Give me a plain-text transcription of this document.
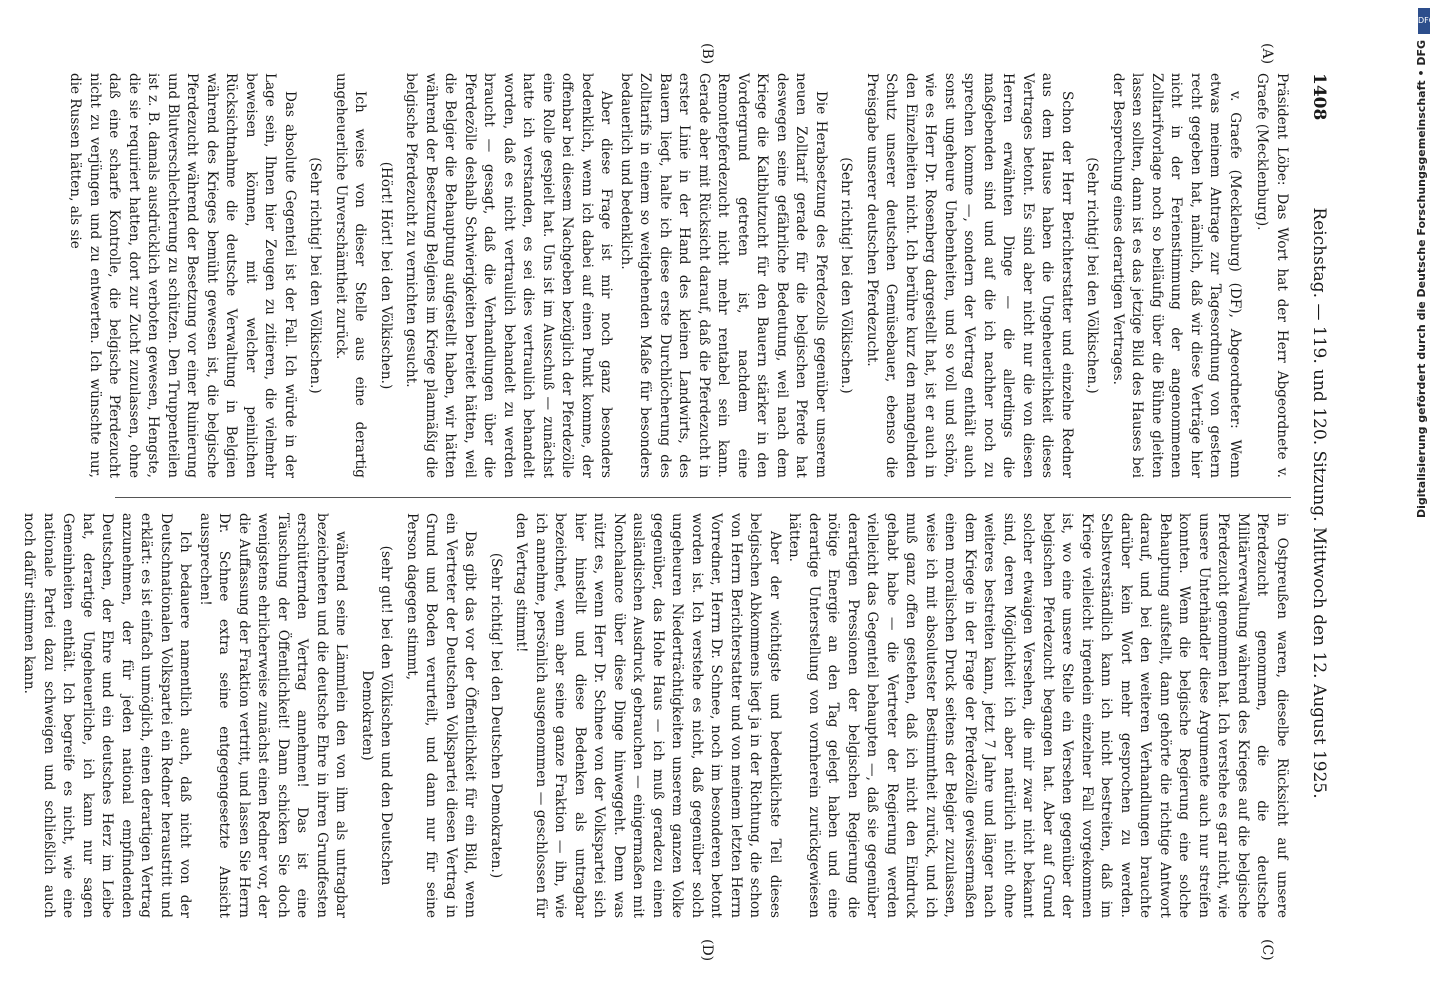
1408
Reichstag. — 119. und 120. Sitzung. Mittwoch den 12. August 1925.

Präsident Löbe: Das Wort hat der Herr Abgeordnete v. Graefe (Mecklenburg).

v. Graefe (Mecklenburg) (DF), Abgeordneter: Wenn etwas meinem Antrage zur Tagesordnung von gestern recht gegeben hat, nämlich, daß wir diese Verträge hier nicht in der Ferienstimmung der angenommenen Zolltarifvorlage noch so beiläufig über die Bühne gleiten lassen sollten, dann ist es das jetzige Bild des Hauses bei der Besprechung eines derartigen Vertrages.

(Sehr richtig! bei den Völkischen.)

Schon der Herr Berichterstatter und einzelne Redner aus dem Hause haben die Ungeheuerlichkeit dieses Vertrages betont. Es sind aber nicht nur die von diesen Herren erwähnten Dinge — die allerdings die maßgebenden sind und auf die ich nachher noch zu sprechen komme —, sondern der Vertrag enthält auch sonst ungeheure Unebenheiten, und so voll und schön, wie es Herr Dr. Rosenberg dargestellt hat, ist er auch in den Einzelheiten nicht. Ich berühre kurz den mangelnden Schutz unserer deutschen Gemüsebauer, ebenso die Preisgabe unserer deutschen Pferdezucht.

(Sehr richtig! bei den Völkischen.)

Die Herabsetzung des Pferdezolls gegenüber unserem neuen Zolltarif gerade für die belgischen Pferde hat deswegen seine gefährliche Bedeutung, weil nach dem Kriege die Kaltblutzucht für den Bauern stärker in den Vordergrund getreten ist, nachdem eine Remontepferdezucht nicht mehr rentabel sein kann. Gerade aber mit Rücksicht darauf, daß die Pferdezucht in erster Linie in der Hand des kleinen Landwirts, des Bauern liegt, halte ich diese erste Durchlöcherung des Zolltarifs in einem so weitgehenden Maße für besonders bedauerlich und bedenklich.

Aber diese Frage ist mir noch ganz besonders bedenklich, wenn ich dabei auf einen Punkt komme, der offenbar bei diesem Nachgeben bezüglich der Pferdezölle eine Rolle gespielt hat. Uns ist im Ausschuß — zunächst hatte ich verstanden, es sei dies vertraulich behandelt worden, daß es nicht vertraulich behandelt zu werden braucht — gesagt, daß die Verhandlungen über die Pferdezölle deshalb Schwierigkeiten bereitet hätten, weil die Belgier die Behauptung aufgestellt haben, wir hätten während der Besetzung Belgiens im Kriege planmäßig die belgische Pferdezucht zu vernichten gesucht.

(Hört! Hört! bei den Völkischen.)

Ich weise von dieser Stelle aus eine derartig ungeheuerliche Unverschämtheit zurück.

(Sehr richtig! bei den Völkischen.)

Das absolute Gegenteil ist der Fall. Ich würde in der Lage sein, Ihnen hier Zeugen zu zitieren, die vielmehr beweisen können, mit welcher peinlichen Rücksichtnahme die deutsche Verwaltung in Belgien während des Krieges bemüht gewesen ist, die belgische Pferdezucht während der Besetzung vor einer Ruinierung und Blutverschlechterung zu schützen. Den Truppenteilen ist z. B. damals ausdrücklich verboten gewesen, Hengste, die sie requiriert hatten, dort zur Zucht zuzulassen, ohne daß eine scharfe Kontrolle, die belgische Pferdezucht nicht zu verjüngen und zu entwerten. Ich wünschte nur, die Russen hätten, als sie

in Ostpreußen waren, dieselbe Rücksicht auf unsere Pferdezucht genommen, die die deutsche Militärverwaltung während des Krieges auf die belgische Pferdezucht genommen hat. Ich verstehe es gar nicht, wie unsere Unterhändler diese Argumente auch nur streifen konnten. Wenn die belgische Regierung eine solche Behauptung aufstellt, dann gehörte die richtige Antwort darauf, und bei den weiteren Verhandlungen brauchte darüber kein Wort mehr gesprochen zu werden. Selbstverständlich kann ich nicht bestreiten, daß im Kriege vielleicht irgendein einzelner Fall vorgekommen ist, wo eine unsere Stelle ein Versehen gegenüber der belgischen Pferdezucht begangen hat. Aber auf Grund solcher etwaigen Versehen, die mir zwar nicht bekannt sind, deren Möglichkeit ich aber natürlich nicht ohne weiteres bestreiten kann, jetzt 7 Jahre und länger nach dem Kriege in der Frage der Pferdezölle gewissermaßen einen moralischen Druck seitens der Belgier zuzulassen, weise ich mit absolutester Bestimmtheit zurück, und ich muß ganz offen gestehen, daß ich nicht den Eindruck gehabt habe — die Vertreter der Regierung werden vielleicht das Gegenteil behaupten —, daß sie gegenüber derartigen Pressionen der belgischen Regierung die nötige Energie an den Tag gelegt haben und eine derartige Unterstellung von vornherein zurückgewiesen hätten.

Aber der wichtigste und bedenklichste Teil dieses belgischen Abkommens liegt ja in der Richtung, die schon von Herrn Berichterstatter und von meinem letzten Herrn Vorredner, Herrn Dr. Schnee, noch im besonderen betont worden ist. Ich verstehe es nicht, daß gegenüber solch ungeheuren Niederträchtigkeiten unserem ganzen Volke gegenüber, das Hohe Haus — ich muß geradezu einen ausländischen Ausdruck gebrauchen — einigermaßen mit Nonchalance über diese Dinge hinweggeht. Denn was nützt es, wenn Herr Dr. Schnee von der Volkspartei sich hier hinstellt und diese Bedenken als untragbar bezeichnet, wenn aber seine ganze Fraktion — ihn, wie ich annehme, persönlich ausgenommen — geschlossen für den Vertrag stimmt!

(Sehr richtig! bei den Deutschen Demokraten.)

Das gibt das vor der Öffentlichkeit für ein Bild, wenn ein Vertreter der Deutschen Volkspartei diesen Vertrag in Grund und Boden verurteilt, und dann nur für seine Person dagegen stimmt,

(sehr gut! bei den Völkischen und den Deutschen Demokraten)

während seine Lämmlein den von ihm als untragbar bezeichneten und die deutsche Ehre in ihren Grundfesten erschütternden Vertrag annehmen! Das ist eine Täuschung der Öffentlichkeit! Dann schicken Sie doch wenigstens ehrlicherweise zunächst einen Redner vor, der die Auffassung der Fraktion vertritt, und lassen Sie Herrn Dr. Schnee extra seine entgegengesetzte Ansicht aussprechen!

Ich bedauere namentlich auch, daß nicht von der Deutschnationalen Volkspartei ein Redner heraustritt und erklärt: es ist einfach unmöglich, einen derartigen Vertrag anzunehmen, der für jeden national empfindenden Deutschen, der Ehre und ein deutsches Herz im Leibe hat, derartige Ungeheuerliche, ich kann nur sagen Gemeinheiten enthält. Ich begreife es nicht, wie eine nationale Partei dazu schweigen und schließlich auch noch dafür stimmen kann.

(A)
(B)
(C)
(D)
DFG
Digitalisierung gefördert durch die Deutsche Forschungsgemeinschaft • DFG
